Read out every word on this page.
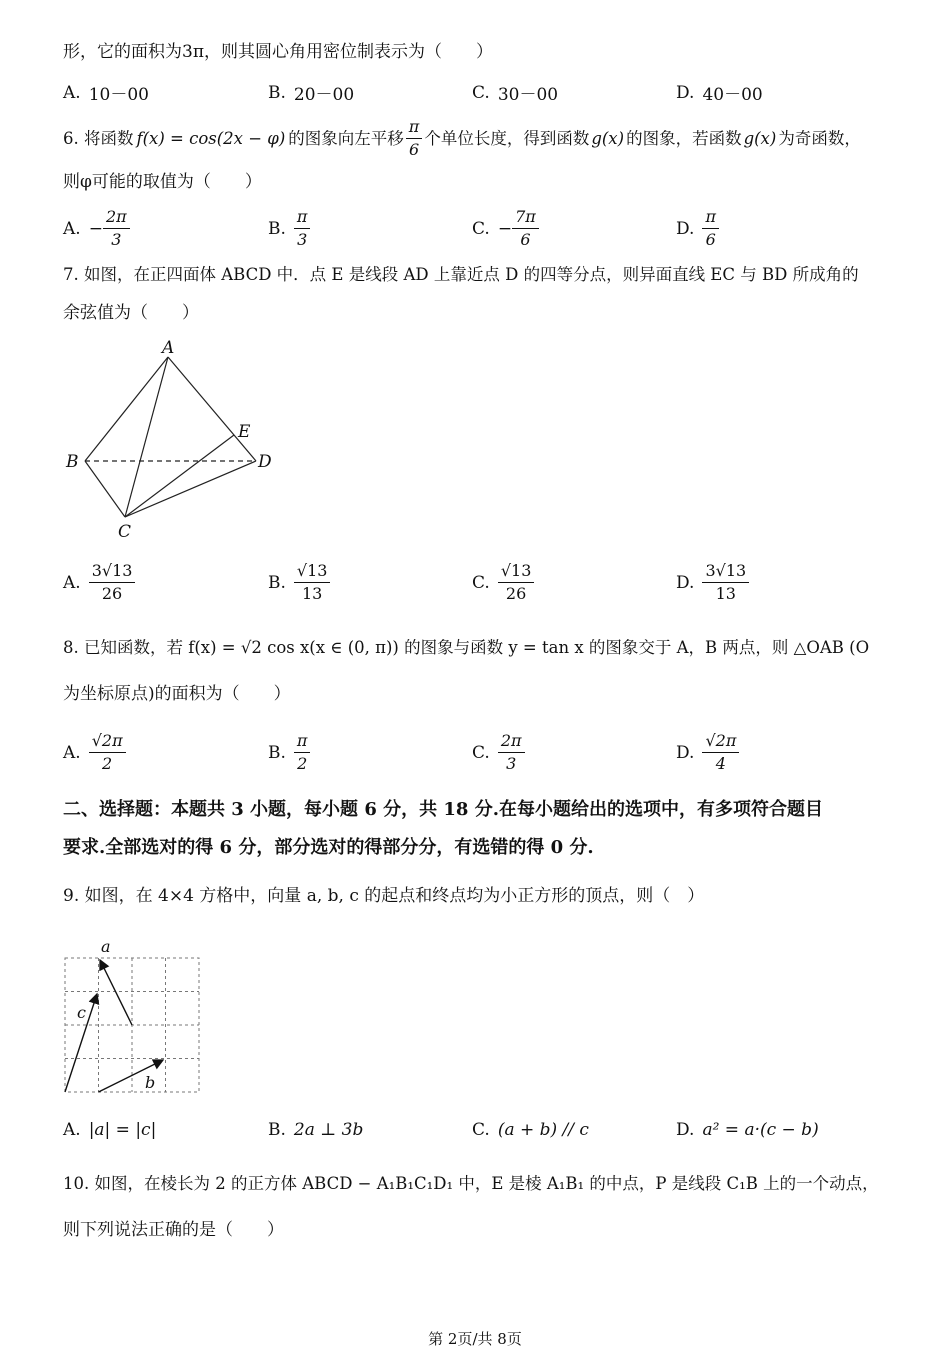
形，它的面积为3π，则其圆心角用密位制表示为（　　）
A. 10－00	B. 20－00	C. 30－00	D. 40－00
6. 将函数 f(x) = cos(2x − φ) 的图象向左平移 $\frac{\pi}{6}$ 个单位长度，得到函数 g(x) 的图象，若函数 g(x) 为奇函数，
则φ可能的取值为（　　）
A. − $\frac{2\pi}{3}$	B. $\frac{\pi}{3}$	C. − $\frac{7\pi}{6}$	D. $\frac{\pi}{6}$
7. 如图，在正四面体 ABCD 中．点 E 是线段 AD 上靠近点 D 的四等分点，则异面直线 EC 与 BD 所成角的
余弦值为（　　）
A
B
C
D
E
A. $\frac{3√13}{26}$	B. $\frac{√13}{13}$	C. $\frac{√13}{26}$	D. $\frac{3√13}{13}$
8. 已知函数，若 f(x) = √2 cos x(x ∈ (0, π)) 的图象与函数 y = tan x 的图象交于 A，B 两点，则 △OAB (O
为坐标原点)的面积为（　　）
A. $\frac{√2\pi}{2}$	B. $\frac{\pi}{2}$	C. $\frac{2\pi}{3}$	D. $\frac{√2\pi}{4}$
二、选择题：本题共 3 小题，每小题 6 分，共 18 分.在每小题给出的选项中，有多项符合题目
要求.全部选对的得 6 分，部分选对的得部分分，有选错的得 0 分.
9. 如图，在 4×4 方格中，向量 a, b, c 的起点和终点均为小正方形的顶点，则（　）
a
b
c
A. |a| = |c|	B. 2a ⊥ 3b	C. (a + b) // c	D. a² = a·(c − b)
10. 如图，在棱长为 2 的正方体 ABCD − A₁B₁C₁D₁ 中，E 是棱 A₁B₁ 的中点，P 是线段 C₁B 上的一个动点，
则下列说法正确的是（　　）
第 2页/共 8页
